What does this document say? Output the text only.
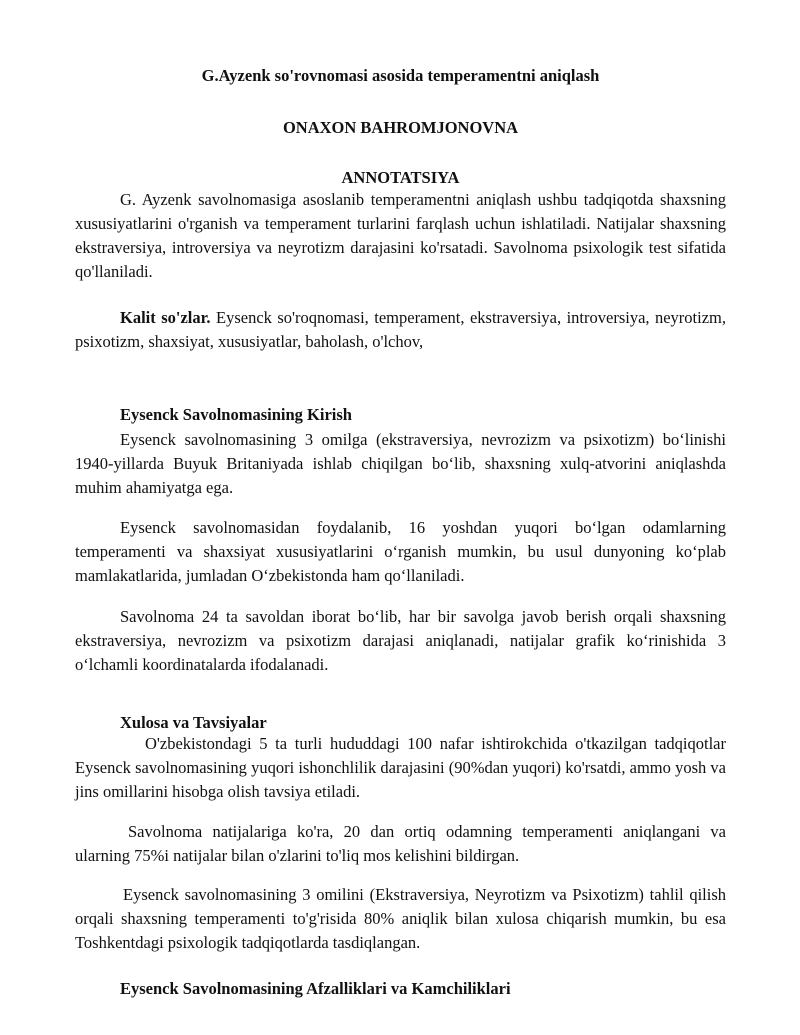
G.Ayzenk so'rovnomasi asosida temperamentni aniqlash
ONAXON BAHROMJONOVNA
ANNOTATSIYA

G. Ayzenk savolnomasiga asoslanib temperamentni aniqlash ushbu tadqiqotda shaxsning xususiyatlarini o'rganish va temperament turlarini farqlash uchun ishlatiladi. Natijalar shaxsning ekstraversiya, introversiya va neyrotizm darajasini ko'rsatadi. Savolnoma psixologik test sifatida qo'llaniladi.

Kalit so'zlar. Eysenck so'roqnomasi, temperament, ekstraversiya, introversiya, neyrotizm, psixotizm, shaxsiyat, xususiyatlar, baholash, o'lchov,

Eysenck Savolnomasining Kirish

Eysenck savolnomasining 3 omilga (ekstraversiya, nevrozizm va psixotizm) bo‘linishi 1940-yillarda Buyuk Britaniyada ishlab chiqilgan bo‘lib, shaxsning xulq-atvorini aniqlashda muhim ahamiyatga ega.

Eysenck savolnomasidan foydalanib, 16 yoshdan yuqori bo‘lgan odamlarning temperamenti va shaxsiyat xususiyatlarini o‘rganish mumkin, bu usul dunyoning ko‘plab mamlakatlarida, jumladan O‘zbekistonda ham qo‘llaniladi.

Savolnoma 24 ta savoldan iborat bo‘lib, har bir savolga javob berish orqali shaxsning ekstraversiya, nevrozizm va psixotizm darajasi aniqlanadi, natijalar grafik ko‘rinishida 3 o‘lchamli koordinatalarda ifodalanadi.

Xulosa va Tavsiyalar

O'zbekistondagi 5 ta turli hududdagi 100 nafar ishtirokchida o'tkazilgan tadqiqotlar Eysenck savolnomasining yuqori ishonchlilik darajasini (90%dan yuqori) ko'rsatdi, ammo yosh va jins omillarini hisobga olish tavsiya etiladi.

Savolnoma natijalariga ko'ra, 20 dan ortiq odamning temperamenti aniqlangani va ularning 75%i natijalar bilan o'zlarini to'liq mos kelishini bildirgan.

Eysenck savolnomasining 3 omilini (Ekstraversiya, Neyrotizm va Psixotizm) tahlil qilish orqali shaxsning temperamenti to'g'risida 80% aniqlik bilan xulosa chiqarish mumkin, bu esa Toshkentdagi psixologik tadqiqotlarda tasdiqlangan.

Eysenck Savolnomasining Afzalliklari va Kamchiliklari
